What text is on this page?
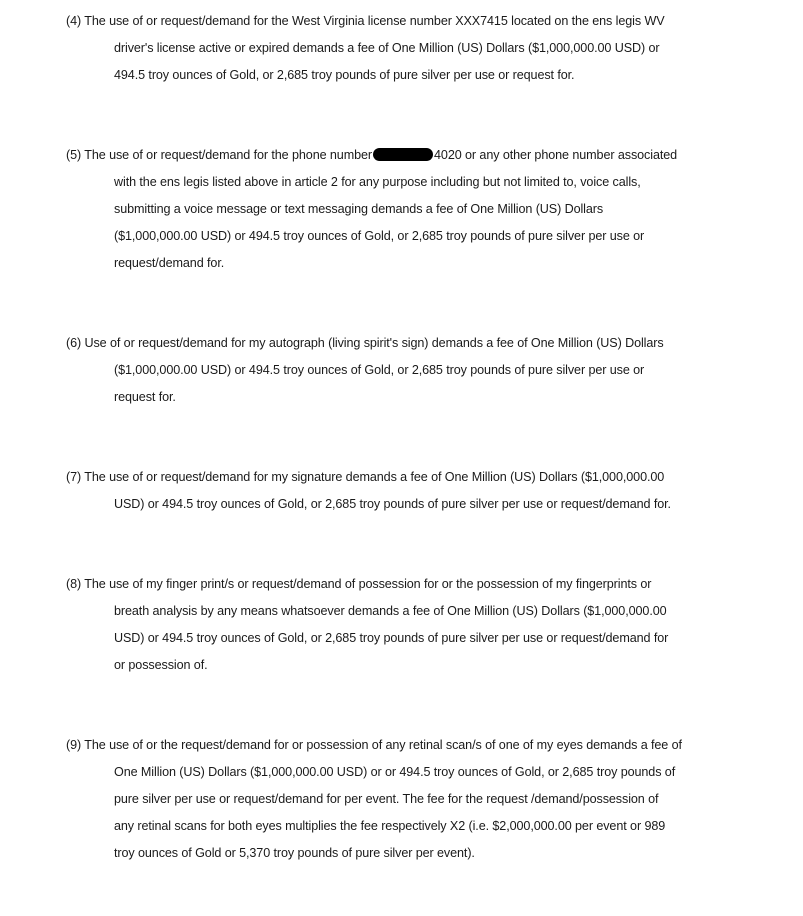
(4) The use of or request/demand for the West Virginia license number XXX7415 located on the ens legis WV
driver's license active or expired demands a fee of One Million (US) Dollars ($1,000,000.00 USD) or
494.5 troy ounces of Gold, or 2,685 troy pounds of pure silver per use or request for.
(5) The use of or request/demand for the phone number	4020 or any other phone number associated
with the ens legis listed above in article 2 for any purpose including but not limited to, voice calls,
submitting a voice message or text messaging demands a fee of One Million (US) Dollars
($1,000,000.00 USD) or 494.5 troy ounces of Gold, or 2,685 troy pounds of pure silver per use or
request/demand for.
(6) Use of or request/demand for my autograph (living spirit's sign) demands a fee of One Million (US) Dollars
($1,000,000.00 USD) or 494.5 troy ounces of Gold, or 2,685 troy pounds of pure silver per use or
request for.
(7) The use of or request/demand for my signature demands a fee of One Million (US) Dollars ($1,000,000.00
USD) or 494.5 troy ounces of Gold, or 2,685 troy pounds of pure silver per use or request/demand for.
(8) The use of my finger print/s or request/demand of possession for or the possession of my fingerprints or
breath analysis by any means whatsoever demands a fee of One Million (US) Dollars ($1,000,000.00
USD) or 494.5 troy ounces of Gold, or 2,685 troy pounds of pure silver per use or request/demand for
or possession of.
(9) The use of or the request/demand for or possession of any retinal scan/s of one of my eyes demands a fee of
One Million (US) Dollars ($1,000,000.00 USD) or or 494.5 troy ounces of Gold, or 2,685 troy pounds of
pure silver per use or request/demand for per event. The fee for the request /demand/possession of
any retinal scans for both eyes multiplies the fee respectively X2 (i.e. $2,000,000.00 per event or 989
troy ounces of Gold or 5,370 troy pounds of pure silver per event).
